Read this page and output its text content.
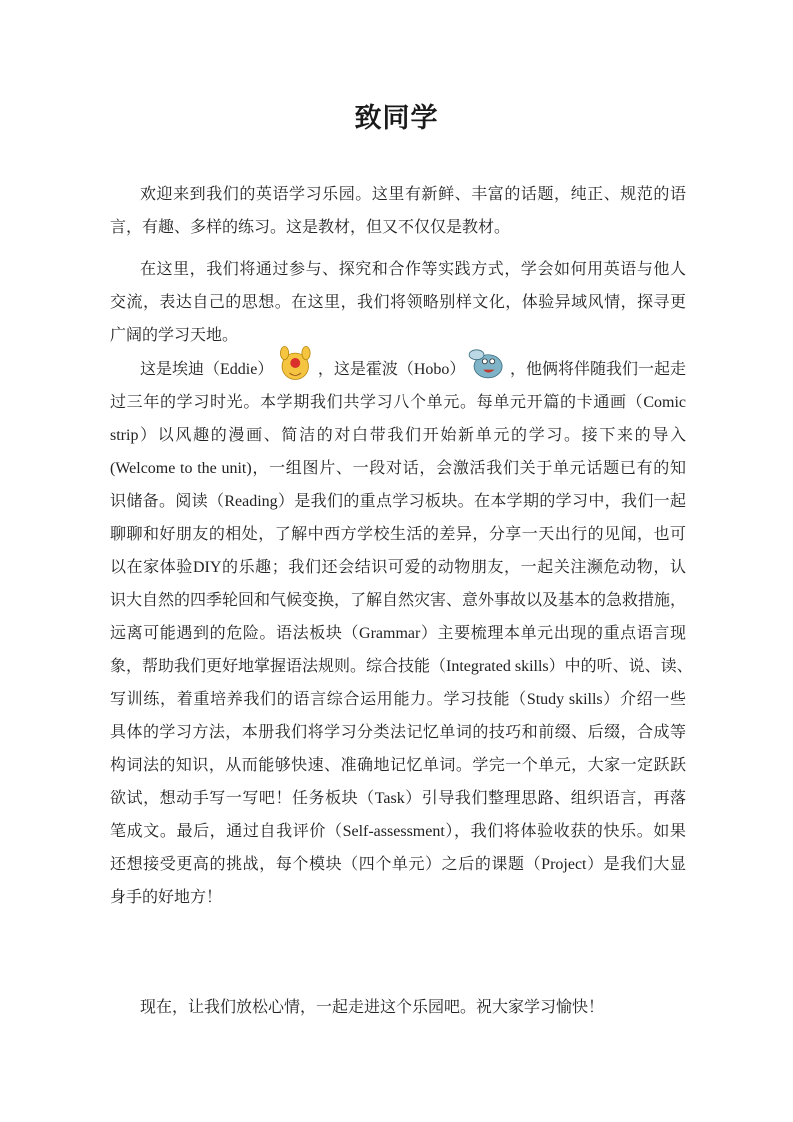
致同学
欢迎来到我们的英语学习乐园。这里有新鲜、丰富的话题，纯正、规范的语
言，有趣、多样的练习。这是教材，但又不仅仅是教材。
在这里，我们将通过参与、探究和合作等实践方式，学会如何用英语与他人
交流，表达自己的思想。在这里，我们将领略别样文化，体验异域风情，探寻更
广阔的学习天地。
这是埃迪（Eddie）	，这是霍波（Hobo）	，他俩将伴随我们一起走
过三年的学习时光。本学期我们共学习八个单元。每单元开篇的卡通画（Comic
strip）以风趣的漫画、简洁的对白带我们开始新单元的学习。接下来的导入
(Welcome to the unit)，一组图片、一段对话，会激活我们关于单元话题已有的知
识储备。阅读（Reading）是我们的重点学习板块。在本学期的学习中，我们一起
聊聊和好朋友的相处，了解中西方学校生活的差异，分享一天出行的见闻，也可
以在家体验DIY的乐趣；我们还会结识可爱的动物朋友，一起关注濒危动物，认
识大自然的四季轮回和气候变换，了解自然灾害、意外事故以及基本的急救措施，
远离可能遇到的危险。语法板块（Grammar）主要梳理本单元出现的重点语言现
象，帮助我们更好地掌握语法规则。综合技能（Integrated skills）中的听、说、读、
写训练，着重培养我们的语言综合运用能力。学习技能（Study skills）介绍一些
具体的学习方法，本册我们将学习分类法记忆单词的技巧和前缀、后缀，合成等
构词法的知识，从而能够快速、准确地记忆单词。学完一个单元，大家一定跃跃
欲试，想动手写一写吧！任务板块（Task）引导我们整理思路、组织语言，再落
笔成文。最后，通过自我评价（Self-assessment），我们将体验收获的快乐。如果
还想接受更高的挑战，每个模块（四个单元）之后的课题（Project）是我们大显
身手的好地方！
现在，让我们放松心情，一起走进这个乐园吧。祝大家学习愉快！
